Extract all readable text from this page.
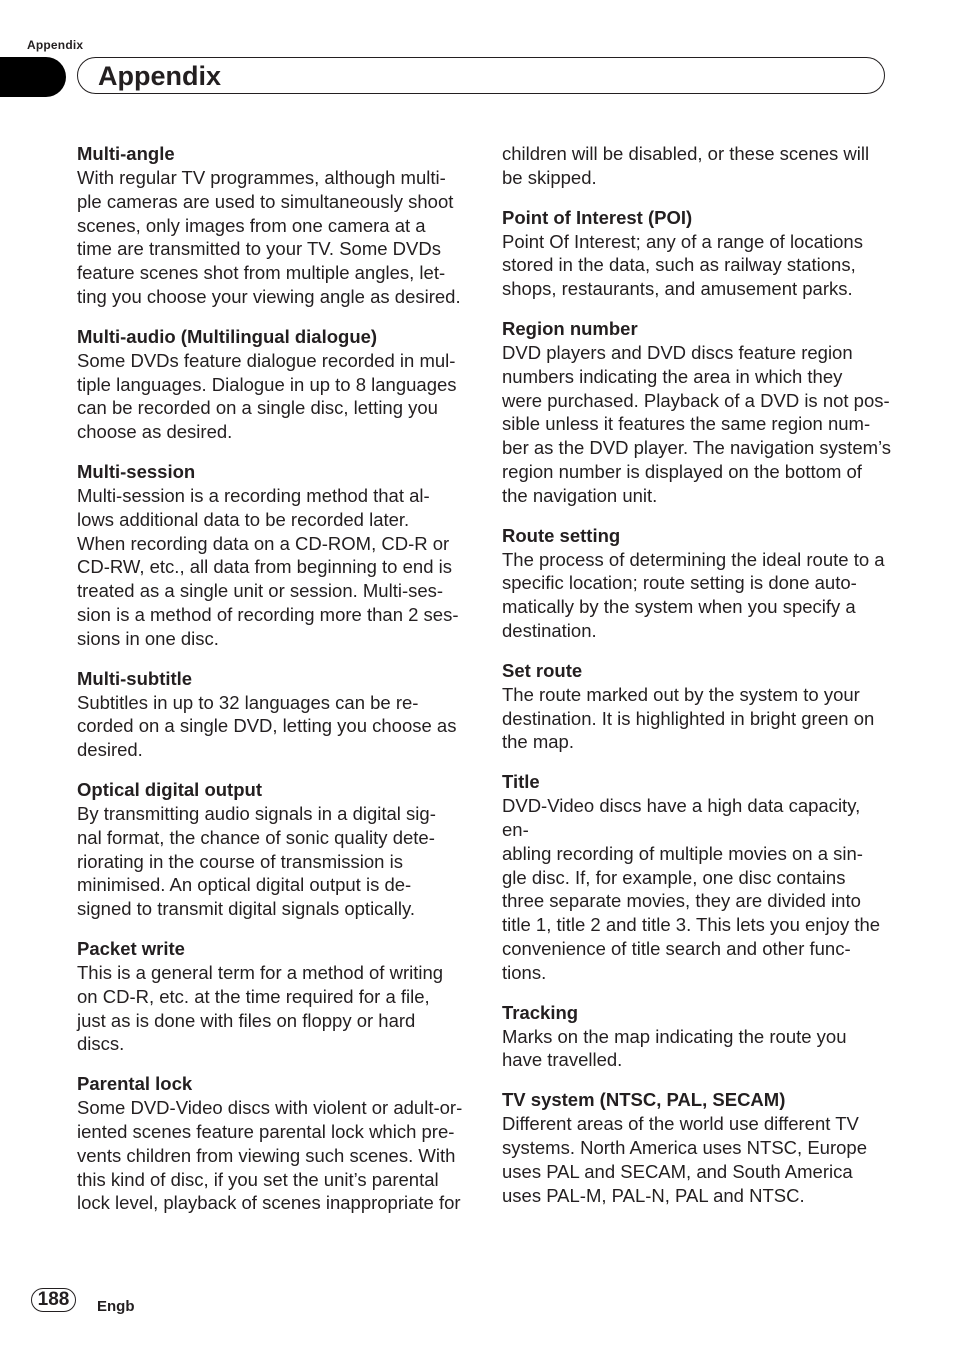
Appendix
Appendix
Multi-angle
With regular TV programmes, although multi-
ple cameras are used to simultaneously shoot
scenes, only images from one camera at a
time are transmitted to your TV. Some DVDs
feature scenes shot from multiple angles, let-
ting you choose your viewing angle as desired.
Multi-audio (Multilingual dialogue)
Some DVDs feature dialogue recorded in mul-
tiple languages. Dialogue in up to 8 languages
can be recorded on a single disc, letting you
choose as desired.
Multi-session
Multi-session is a recording method that al-
lows additional data to be recorded later.
When recording data on a CD-ROM, CD-R or
CD-RW, etc., all data from beginning to end is
treated as a single unit or session. Multi-ses-
sion is a method of recording more than 2 ses-
sions in one disc.
Multi-subtitle
Subtitles in up to 32 languages can be re-
corded on a single DVD, letting you choose as
desired.
Optical digital output
By transmitting audio signals in a digital sig-
nal format, the chance of sonic quality dete-
riorating in the course of transmission is
minimised. An optical digital output is de-
signed to transmit digital signals optically.
Packet write
This is a general term for a method of writing
on CD-R, etc. at the time required for a file,
just as is done with files on floppy or hard
discs.
Parental lock
Some DVD-Video discs with violent or adult-or-
iented scenes feature parental lock which pre-
vents children from viewing such scenes. With
this kind of disc, if you set the unit’s parental
lock level, playback of scenes inappropriate for
children will be disabled, or these scenes will
be skipped.
Point of Interest (POI)
Point Of Interest; any of a range of locations
stored in the data, such as railway stations,
shops, restaurants, and amusement parks.
Region number
DVD players and DVD discs feature region
numbers indicating the area in which they
were purchased. Playback of a DVD is not pos-
sible unless it features the same region num-
ber as the DVD player. The navigation system’s
region number is displayed on the bottom of
the navigation unit.
Route setting
The process of determining the ideal route to a
specific location; route setting is done auto-
matically by the system when you specify a
destination.
Set route
The route marked out by the system to your
destination. It is highlighted in bright green on
the map.
Title
DVD-Video discs have a high data capacity, en-
abling recording of multiple movies on a sin-
gle disc. If, for example, one disc contains
three separate movies, they are divided into
title 1, title 2 and title 3. This lets you enjoy the
convenience of title search and other func-
tions.
Tracking
Marks on the map indicating the route you
have travelled.
TV system (NTSC, PAL, SECAM)
Different areas of the world use different TV
systems. North America uses NTSC, Europe
uses PAL and SECAM, and South America
uses PAL-M, PAL-N, PAL and NTSC.
188	Engb
